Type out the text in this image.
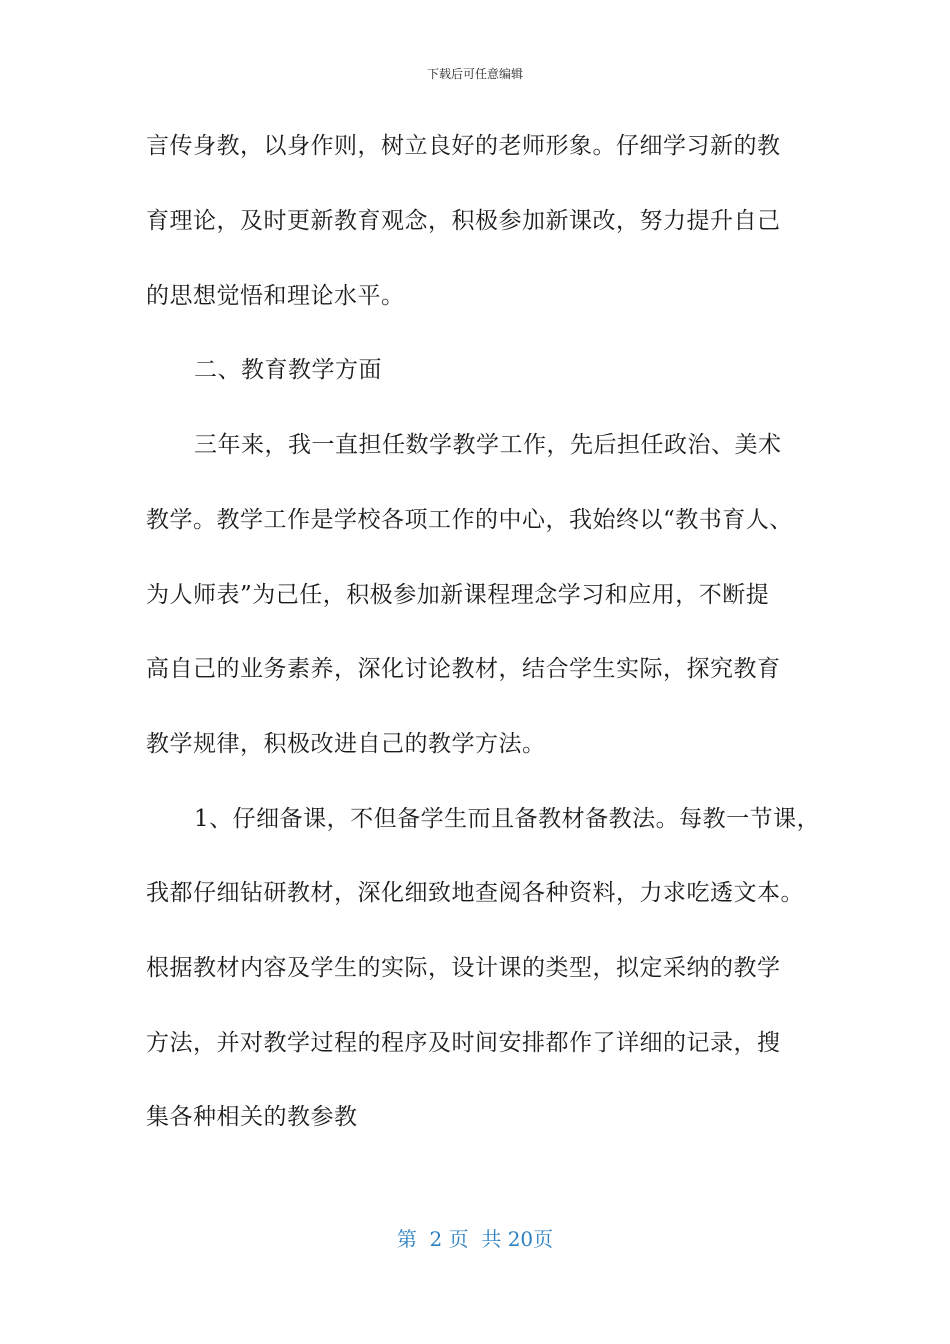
下载后可任意编辑
言传身教，以身作则，树立良好的老师形象。仔细学习新的教
育理论，及时更新教育观念，积极参加新课改，努力提升自己
的思想觉悟和理论水平。
二、教育教学方面
三年来，我一直担任数学教学工作，先后担任政治、美术
教学。教学工作是学校各项工作的中心，我始终以“教书育人、
为人师表”为己任，积极参加新课程理念学习和应用，不断提
高自己的业务素养，深化讨论教材，结合学生实际，探究教育
教学规律，积极改进自己的教学方法。
1、仔细备课，不但备学生而且备教材备教法。每教一节课，
我都仔细钻研教材，深化细致地查阅各种资料，力求吃透文本。
根据教材内容及学生的实际，设计课的类型，拟定采纳的教学
方法，并对教学过程的程序及时间安排都作了详细的记录，搜
集各种相关的教参教
第  2 页  共 20页
